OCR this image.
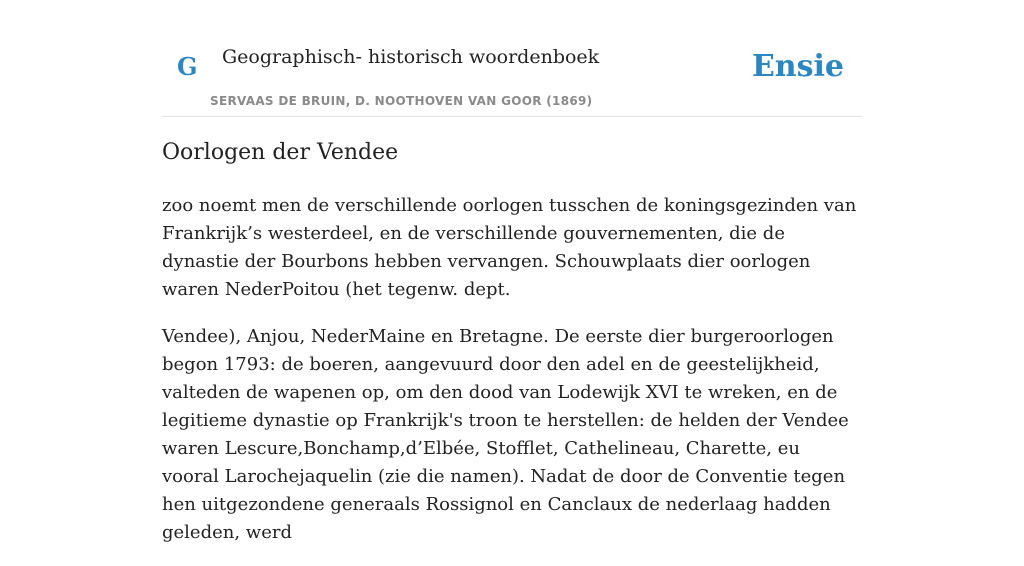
G Geographisch- historisch woordenboek
SERVAAS DE BRUIN, D. NOOTHOVEN VAN GOOR (1869)
Ensie
Oorlogen der Vendee

zoo noemt men de verschillende oorlogen tusschen de koningsgezinden van Frankrijk’s westerdeel, en de verschillende gouvernementen, die de dynastie der Bourbons hebben vervangen. Schouwplaats dier oorlogen waren NederPoitou (het tegenw. dept.

Vendee), Anjou, NederMaine en Bretagne. De eerste dier burgeroorlogen begon 1793: de boeren, aangevuurd door den adel en de geestelijkheid, valteden de wapenen op, om den dood van Lodewijk XVI te wreken, en de legitieme dynastie op Frankrijk's troon te herstellen: de helden der Vendee waren Lescure,Bonchamp,d’Elbée, Stofflet, Cathelineau, Charette, eu vooral Larochejaquelin (zie die namen). Nadat de door de Conventie tegen hen uitgezondene generaals Rossignol en Canclaux de nederlaag hadden geleden, werd
